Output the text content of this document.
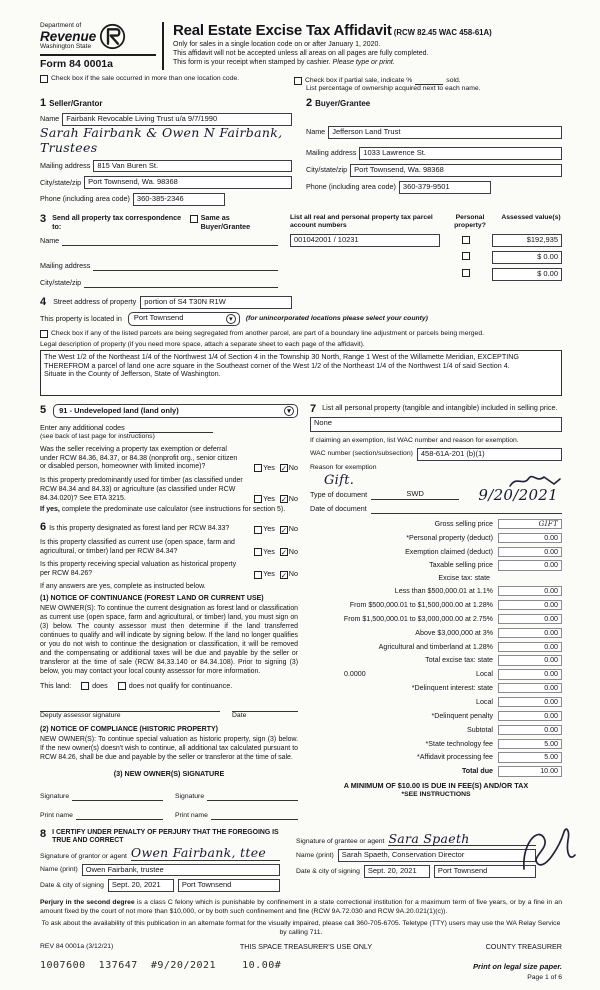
Department of
Revenue
Washington State
Form 84 0001a
Real Estate Excise Tax Affidavit (RCW 82.45 WAC 458-61A)
Only for sales in a single location code on or after January 1, 2020.
This affidavit will not be accepted unless all areas on all pages are fully completed.
This form is your receipt when stamped by cashier. Please type or print.
Check box if the sale occurred in more than one location code.	Check box if partial sale, indicate %	sold.
List percentage of ownership acquired next to each name.
1 Seller/Grantor
Name Fairbank Revocable Living Trust u/a 9/7/1990
Sarah Fairbank & Owen N Fairbank, Trustees
Mailing address 815 Van Buren St.
City/state/zip Port Townsend, Wa. 98368
Phone (including area code) 360-385-2346
2 Buyer/Grantee
Name Jefferson Land Trust
Mailing address 1033 Lawrence St.
City/state/zip Port Townsend, Wa. 98368
Phone (including area code) 360-379-9501
3 Send all property tax correspondence to:
Same as Buyer/Grantee
Name
Mailing address
City/state/zip
List all real and personal property tax parcel account numbers
Personal property?
Assessed value(s)
001042001 / 10231	$192,935
$ 0.00
$ 0.00
4 Street address of property	portion of S4 T30N R1W
This property is located in Port Townsend	▾	(for unincorporated locations please select your county)
Check box if any of the listed parcels are being segregated from another parcel, are part of a boundary line adjustment or parcels being merged.
Legal description of property (if you need more space, attach a separate sheet to each page of the affidavit).
The West 1/2 of the Northeast 1/4 of the Northwest 1/4 of Section 4 in the Township 30 North, Range 1 West of the Willamette Meridian, EXCEPTING THEREFROM a parcel of land one acre square in the Southeast corner of the West 1/2 of the Northeast 1/4 of the Northwest 1/4 of said Section 4.
Situate in the County of Jefferson, State of Washington.
5 91 - Undeveloped land (land only)	▾
Enter any additional codes
(see back of last page for instructions)
Was the seller receiving a property tax exemption or deferral under RCW 84.36, 84.37, or 84.38 (nonprofit org., senior citizen or disabled person, homeowner with limited income)?	Yes ✓ No
Is this property predominantly used for timber (as classified under RCW 84.34 and 84.33) or agriculture (as classified under RCW 84.34.020)? See ETA 3215.	Yes ✓ No
If yes, complete the predominate use calculator (see instructions for section 5).
6 Is this property designated as forest land per RCW 84.33?	Yes ✓ No
Is this property classified as current use (open space, farm and agricultural, or timber) land per RCW 84.34?	Yes ✓ No
Is this property receiving special valuation as historical property per RCW 84.26?	Yes ✓ No
If any answers are yes, complete as instructed below.
(1) NOTICE OF CONTINUANCE (FOREST LAND OR CURRENT USE)
NEW OWNER(S): To continue the current designation as forest land or classification as current use (open space, farm and agricultural, or timber) land, you must sign on (3) below. The county assessor must then determine if the land transferred continues to qualify and will indicate by signing below. If the land no longer qualifies or you do not wish to continue the designation or classification, it will be removed and the compensating or additional taxes will be due and payable by the seller or transferor at the time of sale (RCW 84.33.140 or 84.34.108). Prior to signing (3) below, you may contact your local county assessor for more information.
This land:	does	does not qualify for continuance.
Deputy assessor signature	Date
(2) NOTICE OF COMPLIANCE (HISTORIC PROPERTY)
NEW OWNER(S): To continue special valuation as historic property, sign (3) below. If the new owner(s) doesn't wish to continue, all additional tax calculated pursuant to RCW 84.26, shall be due and payable by the seller or transferor at the time of sale.
(3) NEW OWNER(S) SIGNATURE
Signature	Signature
Print name	Print name
7 List all personal property (tangible and intangible) included in selling price.
None
If claiming an exemption, list WAC number and reason for exemption.
WAC number (section/subsection)	458-61A-201 (b)(1)
Reason for exemption
Gift.
Type of document	SWD
Date of document
9/20/2021
Gross selling price	GIFT
*Personal property (deduct)	0.00
Exemption claimed (deduct)	0.00
Taxable selling price	0.00
Excise tax: state
Less than $500,000.01 at 1.1%	0.00
From $500,000.01 to $1,500,000.00 at 1.28%	0.00
From $1,500,000.01 to $3,000,000.00 at 2.75%	0.00
Above $3,000,000 at 3%	0.00
Agricultural and timberland at 1.28%	0.00
Total excise tax: state	0.00
0.0000	Local	0.00
*Delinquent interest: state	0.00
Local	0.00
*Delinquent penalty	0.00
Subtotal	0.00
*State technology fee	5.00
*Affidavit processing fee	5.00
Total due	10.00
A MINIMUM OF $10.00 IS DUE IN FEE(S) AND/OR TAX
*SEE INSTRUCTIONS
8 I CERTIFY UNDER PENALTY OF PERJURY THAT THE FOREGOING IS TRUE AND CORRECT
Signature of grantor or agent Owen Fairbank, ttee
Name (print)	Owen Fairbank, trustee
Date & city of signing	Sept. 20, 2021	Port Townsend
Signature of grantee or agent Sara Spaeth
Name (print)	Sarah Spaeth, Conservation Director
Date & city of signing	Sept. 20, 2021	Port Townsend
Perjury in the second degree is a class C felony which is punishable by confinement in a state correctional institution for a maximum term of five years, or by a fine in an amount fixed by the court of not more than $10,000, or by both such confinement and fine (RCW 9A.72.030 and RCW 9A.20.021(1)(c)).
To ask about the availability of this publication in an alternate format for the visually impaired, please call 360-705-6705. Teletype (TTY) users may use the WA Relay Service by calling 711.
REV 84 0001a (3/12/21)	THIS SPACE TREASURER'S USE ONLY	COUNTY TREASURER
1007600  137647  #9/20/2021    10.00#	Print on legal size paper.
Page 1 of 6
